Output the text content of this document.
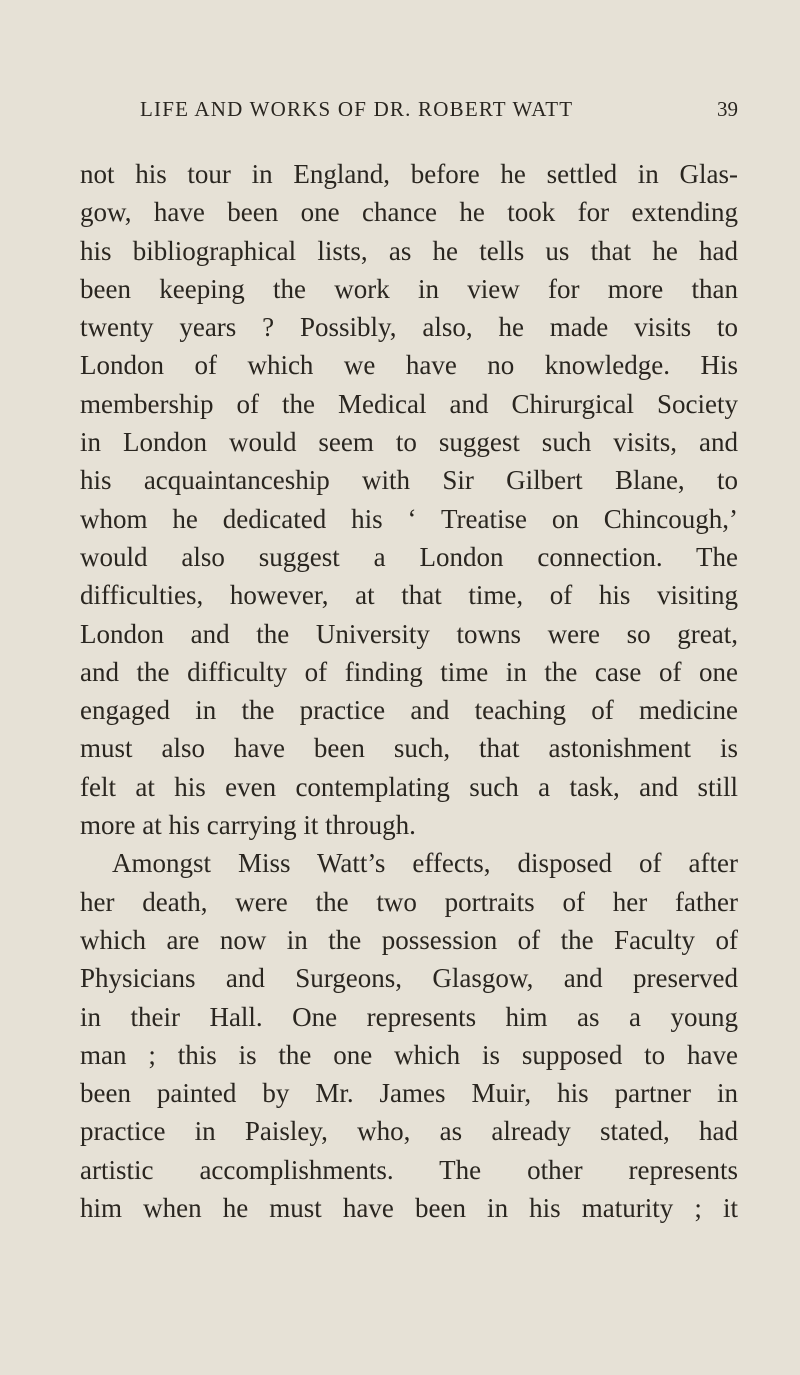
LIFE AND WORKS OF DR. ROBERT WATT	39
not his tour in England, before he settled in Glas-
gow, have been one chance he took for extending
his bibliographical lists, as he tells us that he had
been keeping the work in view for more than
twenty years ? Possibly, also, he made visits to
London of which we have no knowledge. His
membership of the Medical and Chirurgical Society
in London would seem to suggest such visits, and
his acquaintanceship with Sir Gilbert Blane, to
whom he dedicated his ‘ Treatise on Chincough,’
would also suggest a London connection. The
difficulties, however, at that time, of his visiting
London and the University towns were so great,
and the difficulty of finding time in the case of one
engaged in the practice and teaching of medicine
must also have been such, that astonishment is
felt at his even contemplating such a task, and still
more at his carrying it through.
Amongst Miss Watt’s effects, disposed of after
her death, were the two portraits of her father
which are now in the possession of the Faculty of
Physicians and Surgeons, Glasgow, and preserved
in their Hall. One represents him as a young
man ; this is the one which is supposed to have
been painted by Mr. James Muir, his partner in
practice in Paisley, who, as already stated, had
artistic accomplishments. The other represents
him when he must have been in his maturity ; it
